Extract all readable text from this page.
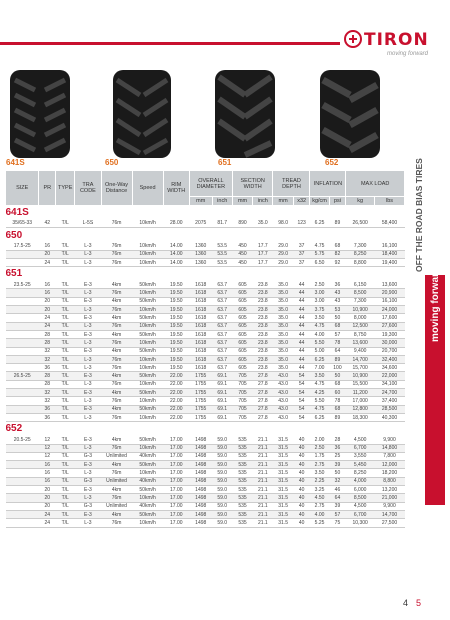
TIRON
moving forward
641S	650	651	652	OFF THE ROAD BIAS TIRES
moving forward
SIZE	PR	TYPE	TRA CODE	One-Way Distance	Speed	RIM WIDTH	OVERALL DIAMETER		SECTION WIDTH		TREAD DEPTH		INFLATION		MAX LOAD	
							mm	inch	mm	inch	mm	x32	kg/cm	psi	kg	lbs
641S																
35/65-33	42	T/L	L-5S	76m	10km/h	28.00	2075	81.7	890	35.0	98.0	123	6.25	89	26,500	58,400
650																
17.5-25	16	T/L	L-3	76m	10km/h	14.00	1360	53.5	450	17.7	29.0	37	4.75	68	7,300	16,100
	20	T/L	L-3	76m	10km/h	14.00	1360	53.5	450	17.7	29.0	37	5.75	82	8,250	18,400
	24	T/L	L-3	76m	10km/h	14.00	1360	53.5	450	17.7	29.0	37	6.50	92	8,800	19,400
651																
23.5-25	16	T/L	E-3	4km	50km/h	19.50	1618	63.7	605	23.8	35.0	44	2.50	36	6,150	13,600
	16	T/L	L-3	76m	10km/h	19.50	1618	63.7	605	23.8	35.0	44	3.00	43	8,500	20,900
	20	T/L	E-3	4km	50km/h	19.50	1618	63.7	605	23.8	35.0	44	3.00	43	7,300	16,100
	20	T/L	L-3	76m	10km/h	19.50	1618	63.7	605	23.8	35.0	44	3.75	53	10,900	24,000
	24	T/L	E-3	4km	50km/h	19.50	1618	63.7	605	23.8	35.0	44	3.50	50	8,000	17,600
	24	T/L	L-3	76m	10km/h	19.50	1618	63.7	605	23.8	35.0	44	4.75	68	12,500	27,600
	28	T/L	E-3	4km	50km/h	19.50	1618	63.7	605	23.8	35.0	44	4.00	57	8,750	19,300
	28	T/L	L-3	76m	10km/h	19.50	1618	63.7	605	23.8	35.0	44	5.50	78	13,600	30,000
	32	T/L	E-3	4km	50km/h	19.50	1618	63.7	605	23.8	35.0	44	5.00	64	9,400	20,700
	32	T/L	L-3	76m	10km/h	19.50	1618	63.7	605	23.8	35.0	44	6.25	89	14,700	32,400
	36	T/L	L-3	76m	10km/h	19.50	1618	63.7	605	23.8	35.0	44	7.00	100	15,700	34,600
26.5-25	28	T/L	E-3	4km	50km/h	22.00	1755	69.1	705	27.8	43.0	54	3.50	50	10,900	22,000
	28	T/L	L-3	76m	10km/h	22.00	1755	69.1	705	27.8	43.0	54	4.75	68	15,500	34,100
	32	T/L	E-3	4km	50km/h	22.00	1755	69.1	705	27.8	43.0	54	4.25	60	11,200	24,700
	32	T/L	L-3	76m	10km/h	22.00	1755	69.1	705	27.8	43.0	54	5.50	78	17,000	37,400
	36	T/L	E-3	4km	50km/h	22.00	1755	69.1	705	27.8	43.0	54	4.75	68	12,800	28,500
	36	T/L	L-3	76m	10km/h	22.00	1755	69.1	705	27.8	43.0	54	6.25	89	18,300	40,300
652																
20.5-25	12	T/L	E-3	4km	50km/h	17.00	1498	59.0	535	21.1	31.5	40	2.00	28	4,500	9,900
	12	T/L	L-3	76m	10km/h	17.00	1498	59.0	535	21.1	31.5	40	2.50	36	6,700	14,800
	12	T/L	G-3	Unlimited	40km/h	17.00	1498	59.0	535	21.1	31.5	40	1.75	25	3,550	7,800
	16	T/L	E-3	4km	50km/h	17.00	1498	59.0	535	21.1	31.5	40	2.75	39	5,450	12,000
	16	T/L	L-3	76m	10km/h	17.00	1498	59.0	535	21.1	31.5	40	3.50	50	8,250	18,200
	16	T/L	G-3	Unlimited	40km/h	17.00	1498	59.0	535	21.1	31.5	40	2.25	32	4,000	8,800
	20	T/L	E-3	4km	50km/h	17.00	1498	59.0	535	21.1	31.5	40	3.25	46	6,000	13,200
	20	T/L	L-3	76m	10km/h	17.00	1498	59.0	535	21.1	31.5	40	4.50	64	8,500	21,000
	20	T/L	G-3	Unlimited	40km/h	17.00	1498	59.0	535	21.1	31.5	40	2.75	39	4,500	9,900
	24	T/L	E-3	4km	50km/h	17.00	1498	59.0	535	21.1	31.5	40	4.00	57	6,700	14,700
	24	T/L	L-3	76m	10km/h	17.00	1498	59.0	535	21.1	31.5	40	5.25	75	10,300	27,500
4 5
